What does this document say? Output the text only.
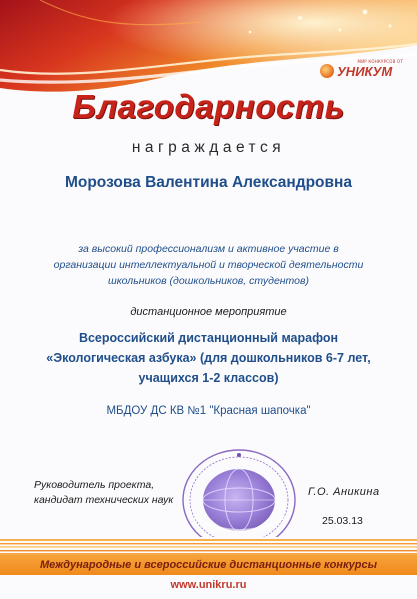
МИР КОНКУРСОВ ОТ
УНИКУМ
Благодарность
награждается
Морозова Валентина Александровна
за высокий профессионализм и активное участие в
организации интеллектуальной и творческой деятельности
школьников (дошкольников, студентов)
дистанционное мероприятие
Всероссийский дистанционный марафон
«Экологическая азбука» (для дошкольников 6-7 лет,
учащихся 1-2 классов)
МБДОУ ДС КВ №1 "Красная шапочка"
Руководитель проекта,
кандидат технических наук
Г.О. Аникина
25.03.13
Международные и всероссийские дистанционные конкурсы
www.unikru.ru
